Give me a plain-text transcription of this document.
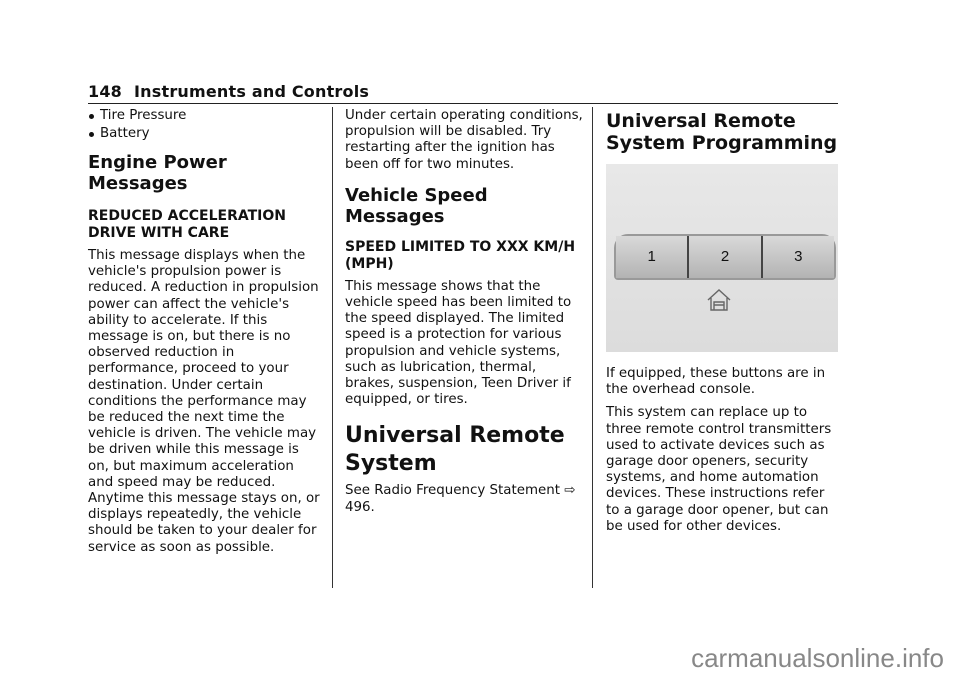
148 Instruments and Controls
Tire Pressure
Battery
Engine Power Messages
REDUCED ACCELERATION DRIVE WITH CARE

This message displays when the vehicle's propulsion power is reduced. A reduction in propulsion power can affect the vehicle's ability to accelerate. If this message is on, but there is no observed reduction in performance, proceed to your destination. Under certain conditions the performance may be reduced the next time the vehicle is driven. The vehicle may be driven while this message is on, but maximum acceleration and speed may be reduced. Anytime this message stays on, or displays repeatedly, the vehicle should be taken to your dealer for service as soon as possible.

Under certain operating conditions, propulsion will be disabled. Try restarting after the ignition has been off for two minutes.

Vehicle Speed Messages
SPEED LIMITED TO XXX KM/H (MPH)

This message shows that the vehicle speed has been limited to the speed displayed. The limited speed is a protection for various propulsion and vehicle systems, such as lubrication, thermal, brakes, suspension, Teen Driver if equipped, or tires.

Universal Remote System

See Radio Frequency Statement ⇨ 496.

Universal Remote System Programming
1	2	3

If equipped, these buttons are in the overhead console.

This system can replace up to three remote control transmitters used to activate devices such as garage door openers, security systems, and home automation devices. These instructions refer to a garage door opener, but can be used for other devices.

carmanualsonline.info
